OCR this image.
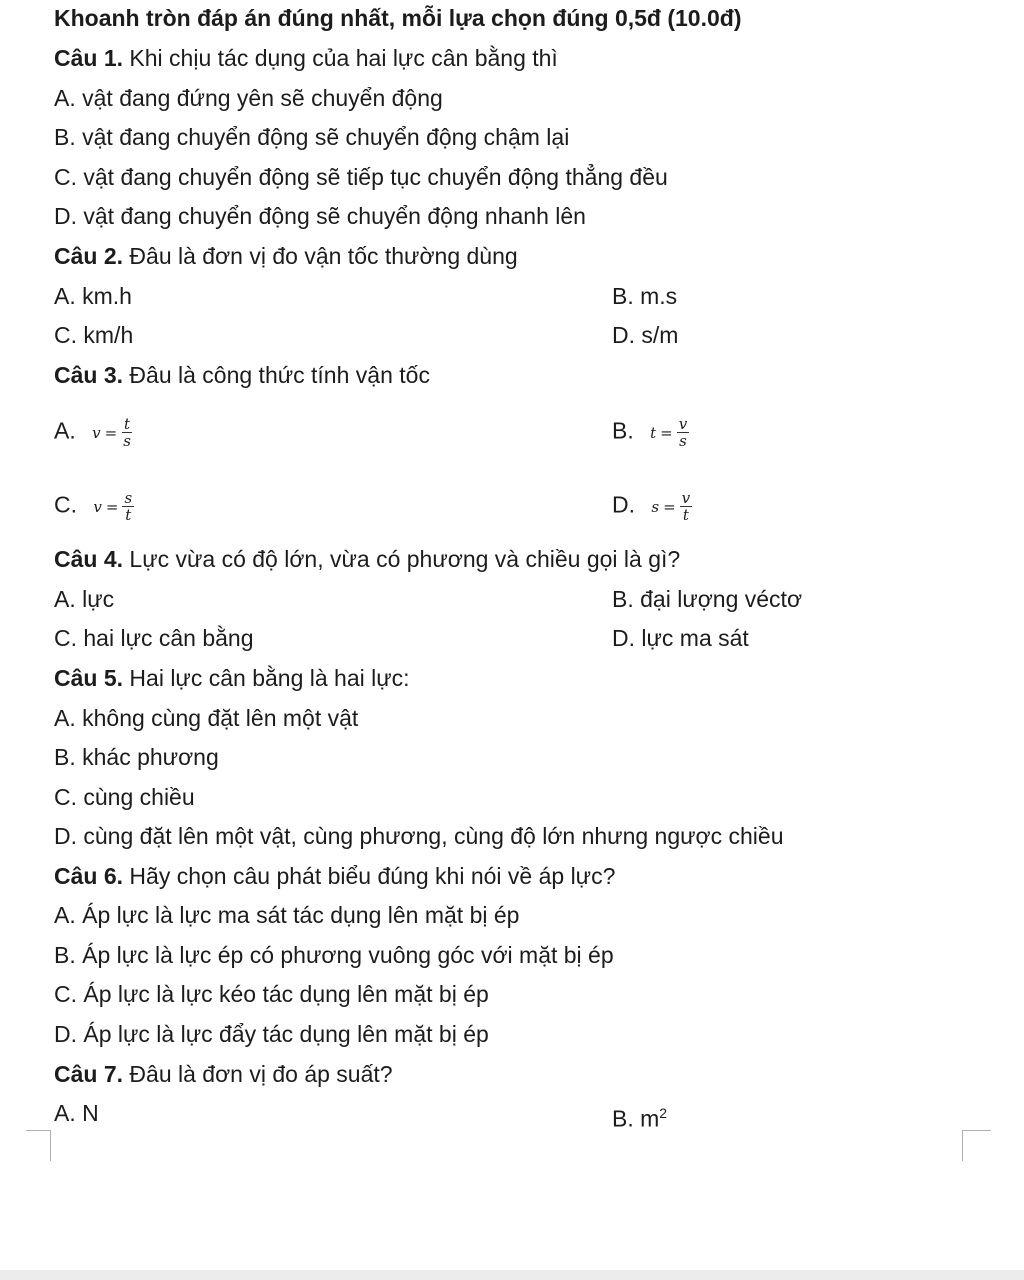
Khoanh tròn đáp án đúng nhất, mỗi lựa chọn đúng 0,5đ (10.0đ)
Câu 1. Khi chịu tác dụng của hai lực cân bằng thì
A. vật đang đứng yên sẽ chuyển động
B. vật đang chuyển động sẽ chuyển động chậm lại
C. vật đang chuyển động sẽ tiếp tục chuyển động thẳng đều
D. vật đang chuyển động sẽ chuyển động nhanh lên
Câu 2. Đâu là đơn vị đo vận tốc thường dùng
A. km.h	B. m.s
C. km/h	D. s/m
Câu 3. Đâu là công thức tính vận tốc
A. $v = \frac{t}{s}$	B. $t = \frac{v}{s}$
C. $v = \frac{s}{t}$	D. $s = \frac{v}{t}$
Câu 4. Lực vừa có độ lớn, vừa có phương và chiều gọi là gì?
A. lực	B. đại lượng véctơ
C. hai lực cân bằng	D. lực ma sát
Câu 5. Hai lực cân bằng là hai lực:
A. không cùng đặt lên một vật
B. khác phương
C. cùng chiều
D. cùng đặt lên một vật, cùng phương, cùng độ lớn nhưng ngược chiều
Câu 6. Hãy chọn câu phát biểu đúng khi nói về áp lực?
A. Áp lực là lực ma sát tác dụng lên mặt bị ép
B. Áp lực là lực ép có phương vuông góc với mặt bị ép
C. Áp lực là lực kéo tác dụng lên mặt bị ép
D. Áp lực là lực đẩy tác dụng lên mặt bị ép
Câu 7. Đâu là đơn vị đo áp suất?
A. N	B. $m^2$
